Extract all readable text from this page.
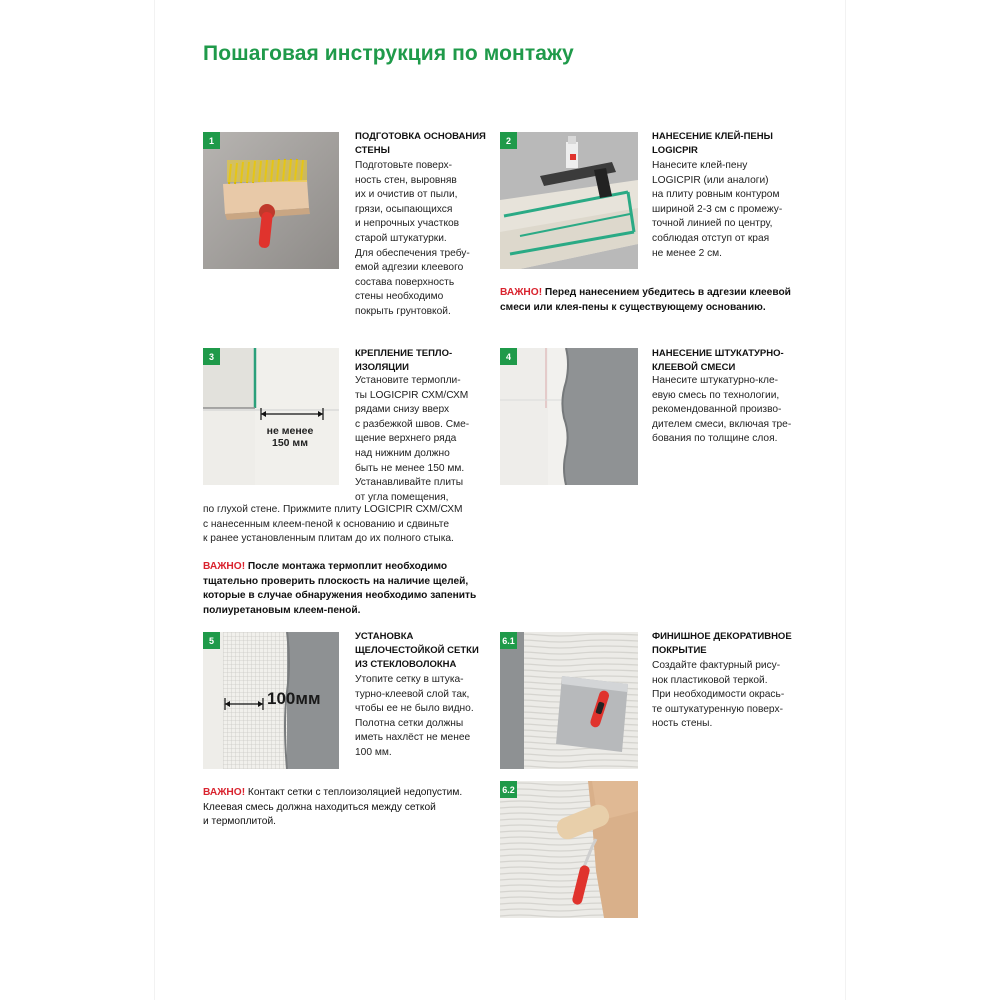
Пошаговая инструкция по монтажу
1	ПОДГОТОВКА ОСНОВАНИЯ
СТЕНЫ
Подготовьте поверх-
ность стен, выровняв
их и очистив от пыли,
грязи, осыпающихся
и непрочных участков
старой штукатурки.
Для обеспечения требу-
емой адгезии клеевого
состава поверхность
стены необходимо
покрыть грунтовкой.
2	НАНЕСЕНИЕ КЛЕЙ-ПЕНЫ
LOGICPIR
Нанесите клей-пену
LOGICPIR (или аналоги)
на плиту ровным контуром
шириной 2-3 см с промежу-
точной линией по центру,
соблюдая отступ от края
не менее 2 см.
ВАЖНО! Перед нанесением убедитесь в адгезии клеевой
смеси или клея-пены к существующему основанию.
3
не менее
150 мм
КРЕПЛЕНИЕ ТЕПЛО-
ИЗОЛЯЦИИ
Установите термопли-
ты LOGICPIR СХМ/СХМ
рядами снизу вверх
с разбежкой швов. Сме-
щение верхнего ряда
над нижним должно
быть не менее 150 мм.
Устанавливайте плиты
от угла помещения,
по глухой стене. Прижмите плиту LOGICPIR СХМ/СХМ
с нанесенным клеем-пеной к основанию и сдвиньте
к ранее установленным плитам до их полного стыка.
ВАЖНО! После монтажа термоплит необходимо
тщательно проверить плоскость на наличие щелей,
которые в случае обнаружения необходимо запенить
полиуретановым клеем-пеной.
4	НАНЕСЕНИЕ ШТУКАТУРНО-
КЛЕЕВОЙ СМЕСИ
Нанесите штукатурно-кле-
евую смесь по технологии,
рекомендованной произво-
дителем смеси, включая тре-
бования по толщине слоя.
5
100мм
УСТАНОВКА
ЩЕЛОЧЕСТОЙКОЙ СЕТКИ
ИЗ СТЕКЛОВОЛОКНА
Утопите сетку в штука-
турно-клеевой слой так,
чтобы ее не было видно.
Полотна сетки должны
иметь нахлёст не менее
100 мм.
ВАЖНО! Контакт сетки с теплоизоляцией недопустим.
Клеевая смесь должна находиться между сеткой
и термоплитой.
6.1
6.2
ФИНИШНОЕ ДЕКОРАТИВНОЕ
ПОКРЫТИЕ
Создайте фактурный рису-
нок пластиковой теркой.
При необходимости окрась-
те оштукатуренную поверх-
ность стены.
